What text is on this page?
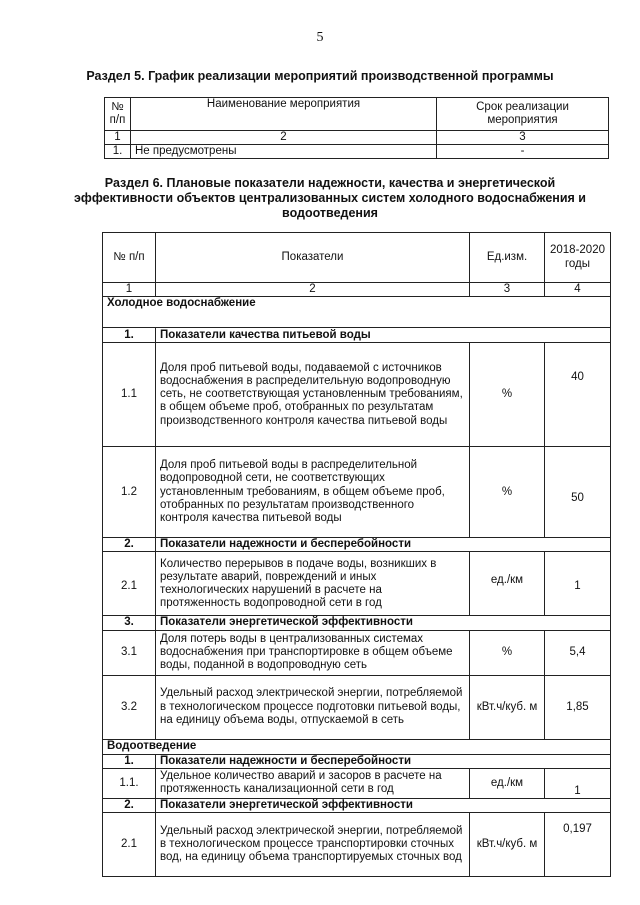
5
Раздел 5. График реализации мероприятий производственной программы
№ п/п	Наименование мероприятия	Срок реализации мероприятия
1	2	3
1.	Не предусмотрены	-
Раздел 6. Плановые показатели надежности, качества и энергетической эффективности объектов централизованных систем холодного водоснабжения и водоотведения
№ п/п	Показатели	Ед.изм.	2018-2020 годы
1	2	3	4
Холодное водоснабжение			
1.	Показатели качества питьевой воды		
1.1	Доля проб питьевой воды, подаваемой с источников водоснабжения в распределительную водопроводную сеть, не соответствующая установленным требованиям, в общем объеме проб, отобранных по результатам производственного контроля качества питьевой воды	%	40
1.2	Доля проб питьевой воды в распределительной водопроводной сети, не соответствующих установленным требованиям, в общем объеме проб, отобранных по результатам производственного контроля качества питьевой воды	%	50
2.	Показатели надежности и бесперебойности		
2.1	Количество перерывов в подаче воды, возникших в результате аварий, повреждений и иных технологических нарушений в расчете на протяженность водопроводной сети в год	ед./км	1
3.	Показатели энергетической эффективности		
3.1	Доля потерь воды в централизованных системах водоснабжения при транспортировке в общем объеме воды, поданной в водопроводную сеть	%	5,4
3.2	Удельный расход электрической энергии, потребляемой в технологическом процессе подготовки питьевой воды, на единицу объема воды, отпускаемой в сеть	кВт.ч/куб. м	1,85
Водоотведение			
1.	Показатели надежности и бесперебойности		
1.1.	Удельное количество аварий и засоров в расчете на протяженность канализационной сети в год	ед./км	1
2.	Показатели энергетической эффективности		
2.1	Удельный расход электрической энергии, потребляемой в технологическом процессе транспортировки сточных вод, на единицу объема транспортируемых сточных вод	кВт.ч/куб. м	0,197
